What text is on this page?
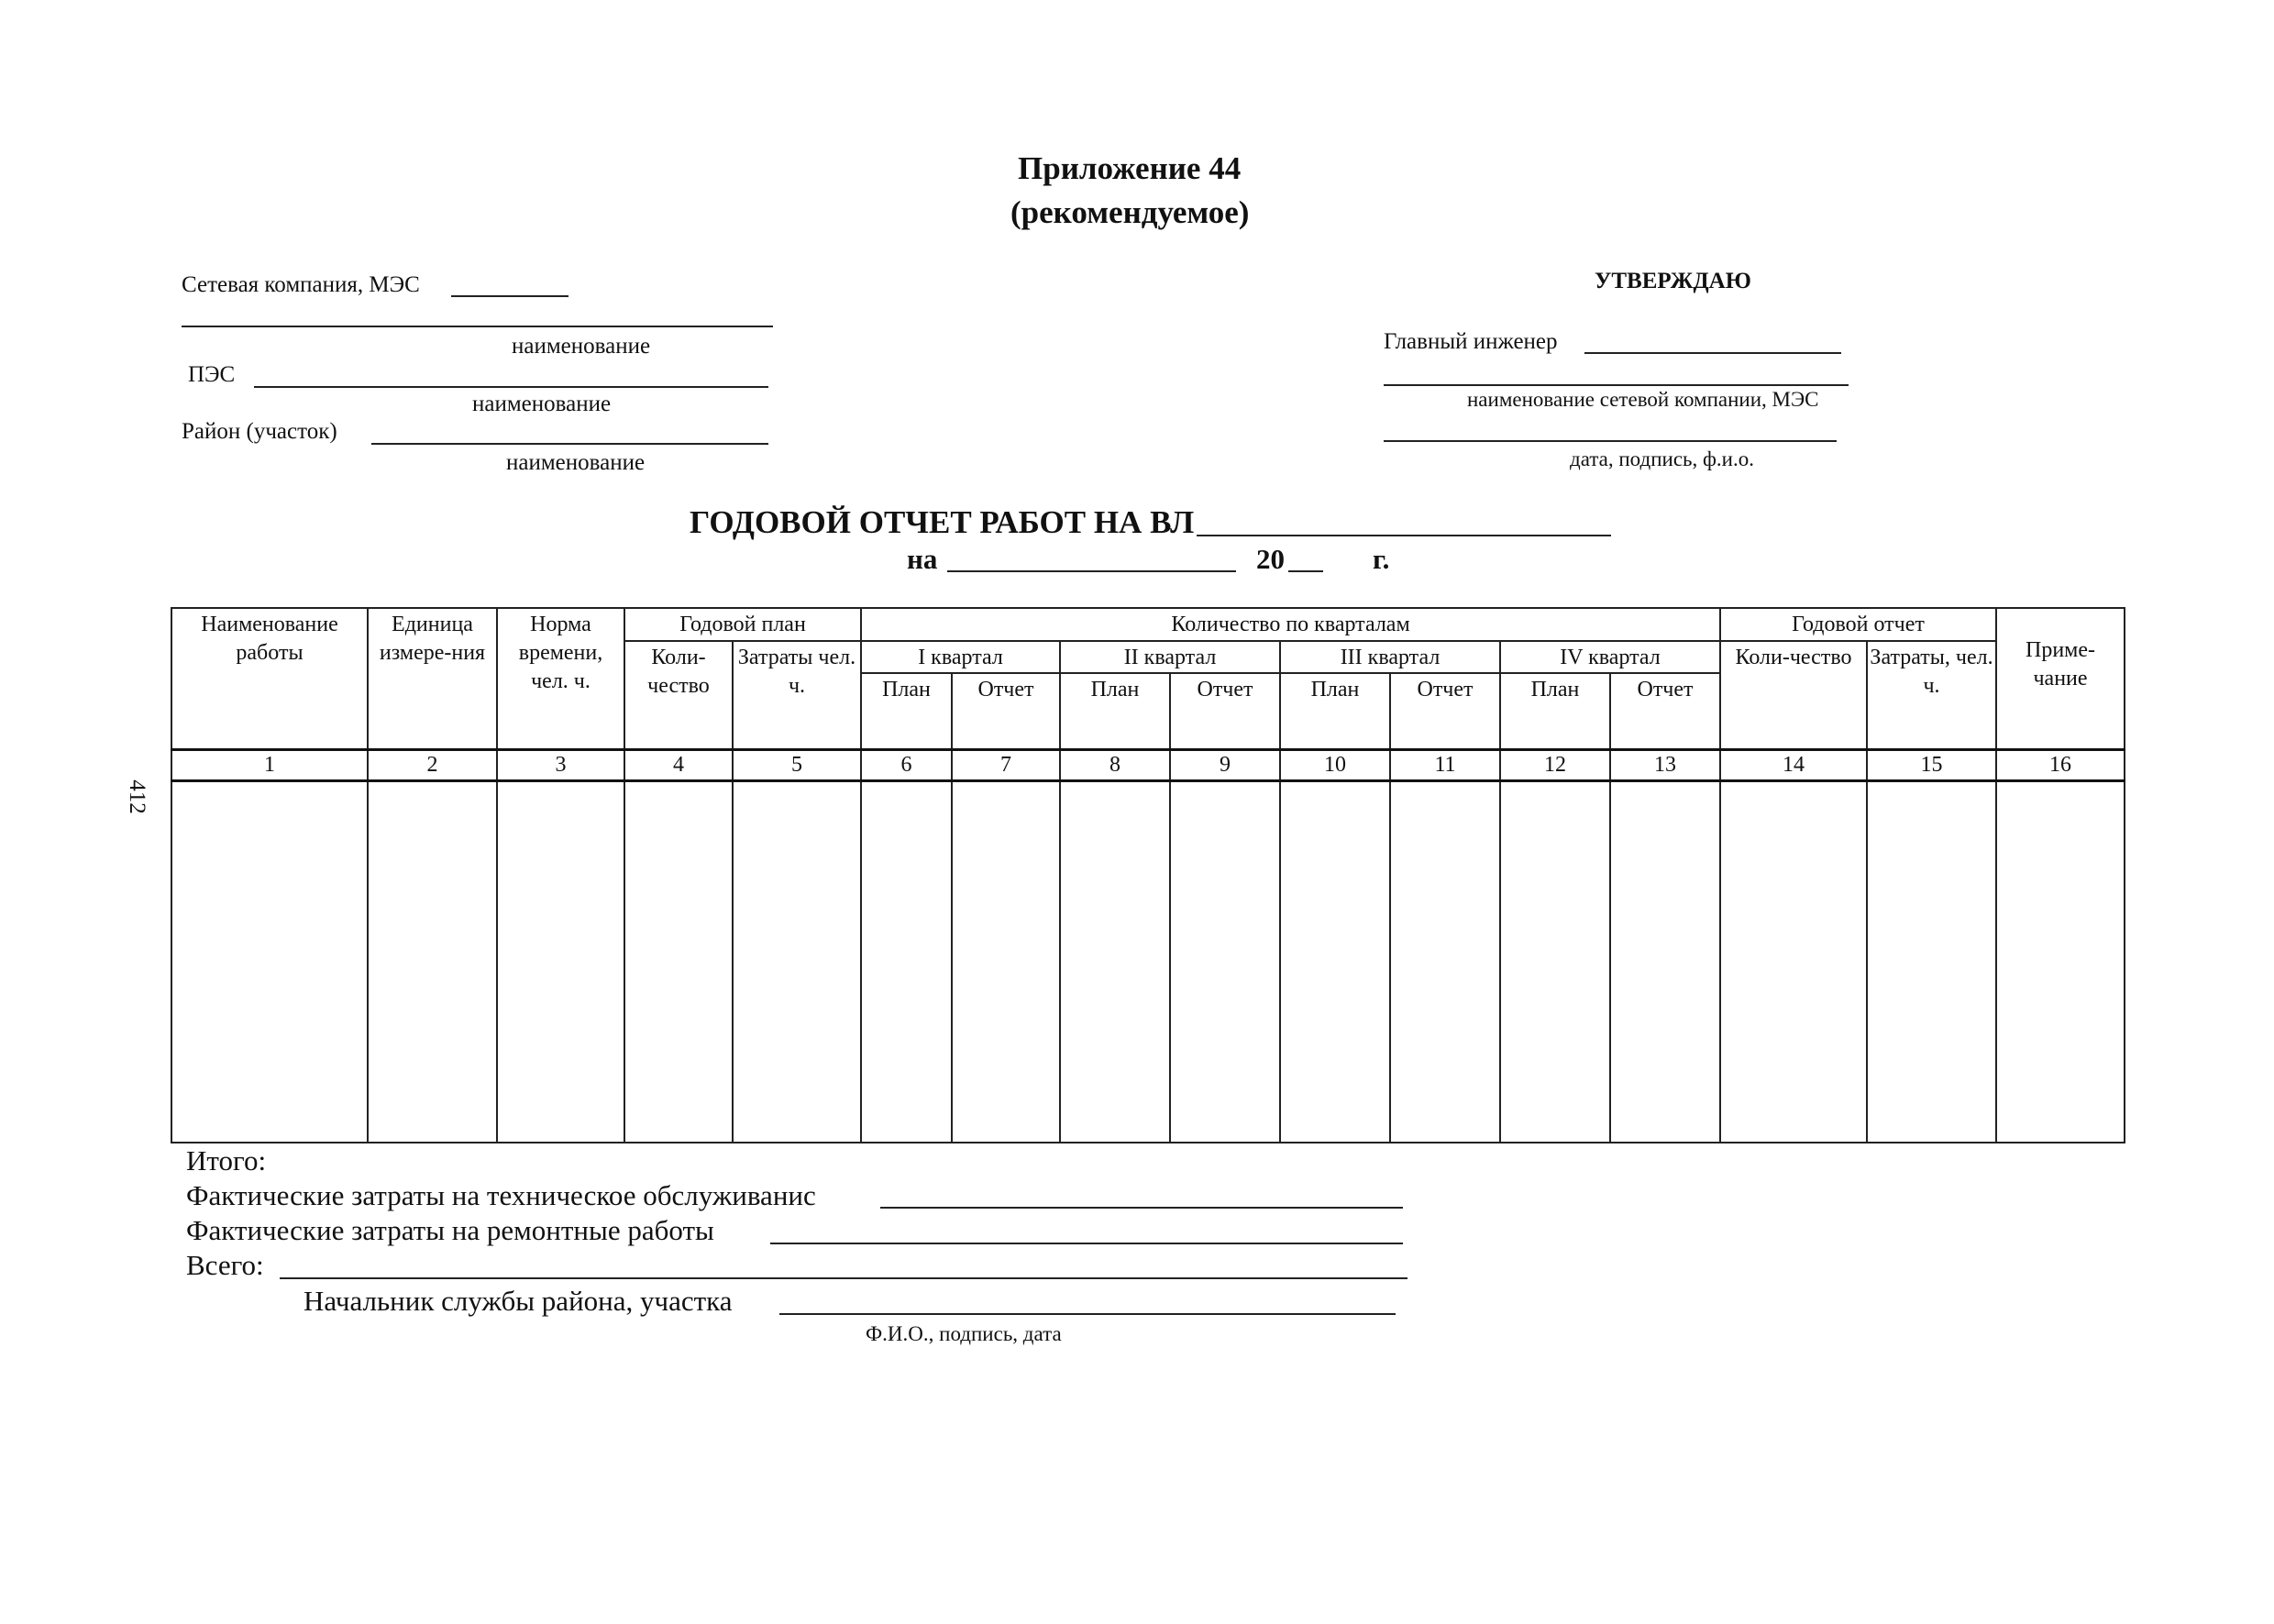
Приложение 44
(рекомендуемое)
412
Сетевая компания, МЭС
наименование
ПЭС
наименование
Район (участок)
наименование
УТВЕРЖДАЮ
Главный инженер
наименование сетевой компании, МЭС
дата, подпись, ф.и.о.
ГОДОВОЙ ОТЧЕТ РАБОТ НА ВЛ
на	20	г.
Наименование работы	Единица измере-ния	Норма времени, чел. ч.	Годовой план		Количество по кварталам								Годовой отчет		Приме-чание
			Коли-чество	Затраты чел. ч.	I квартал		II квартал		III квартал		IV квартал		Коли-чество	Затраты, чел. ч.	
					План	Отчет	План	Отчет	План	Отчет	План	Отчет			
1	2	3	4	5	6	7	8	9	10	11	12	13	14	15	16

Итого:
Фактические затраты на техническое обслуживанис
Фактические затраты на ремонтные работы
Всего:
Начальник службы района, участка
Ф.И.О., подпись, дата
